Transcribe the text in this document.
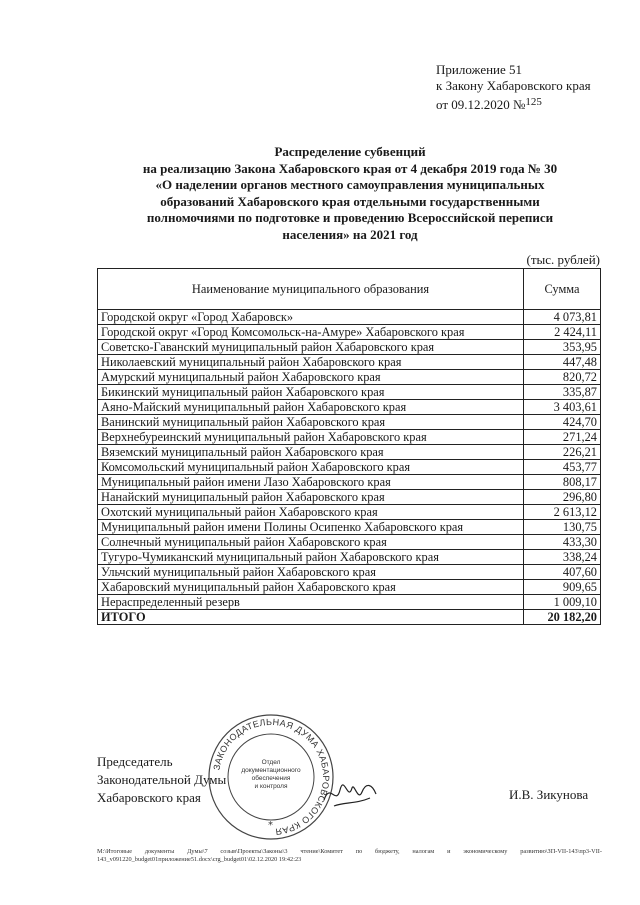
Приложение 51
к Закону Хабаровского края
от 09.12.2020 №$^{125}$
Распределение субвенций
на реализацию Закона Хабаровского края от 4 декабря 2019 года № 30
«О наделении органов местного самоуправления муниципальных
образований Хабаровского края отдельными государственными
полномочиями по подготовке и проведению Всероссийской переписи
населения» на 2021 год
(тыс. рублей)
Наименование муниципального образования	Сумма
Городской округ «Город Хабаровск»	4 073,81
Городской округ «Город Комсомольск-на-Амуре» Хабаровского края	2 424,11
Советско-Гаванский муниципальный район Хабаровского края	353,95
Николаевский муниципальный район Хабаровского края	447,48
Амурский муниципальный район Хабаровского края	820,72
Бикинский муниципальный район Хабаровского края	335,87
Аяно-Майский муниципальный район Хабаровского края	3 403,61
Ванинский муниципальный район Хабаровского края	424,70
Верхнебуреинский муниципальный район Хабаровского края	271,24
Вяземский муниципальный район Хабаровского края	226,21
Комсомольский муниципальный район Хабаровского края	453,77
Муниципальный район имени Лазо Хабаровского края	808,17
Нанайский муниципальный район Хабаровского края	296,80
Охотский муниципальный район Хабаровского края	2 613,12
Муниципальный район имени Полины Осипенко Хабаровского края	130,75
Солнечный муниципальный район Хабаровского края	433,30
Тугуро-Чумиканский муниципальный район Хабаровского края	338,24
Ульчский муниципальный район Хабаровского края	407,60
Хабаровский муниципальный район Хабаровского края	909,65
Нераспределенный резерв	1 009,10
ИТОГО	20 182,20
Председатель
Законодательной Думы
Хабаровского края
ЗАКОНОДАТЕЛЬНАЯ ДУМА ХАБАРОВСКОГО КРАЯ
Отдел
документационного
обеспечения
и контроля
*
И.В. Зикунова
M:\Итоговые документы Думы\7 созыв\Проекты\Законы\3 чтение\Комитет по бюджету, налогам и экономическому развитию\ЗП-VII-143\пр3-VII-143_v091220_budget01приложение51.docx\crg_budget01\02.12.2020 19:42:23
